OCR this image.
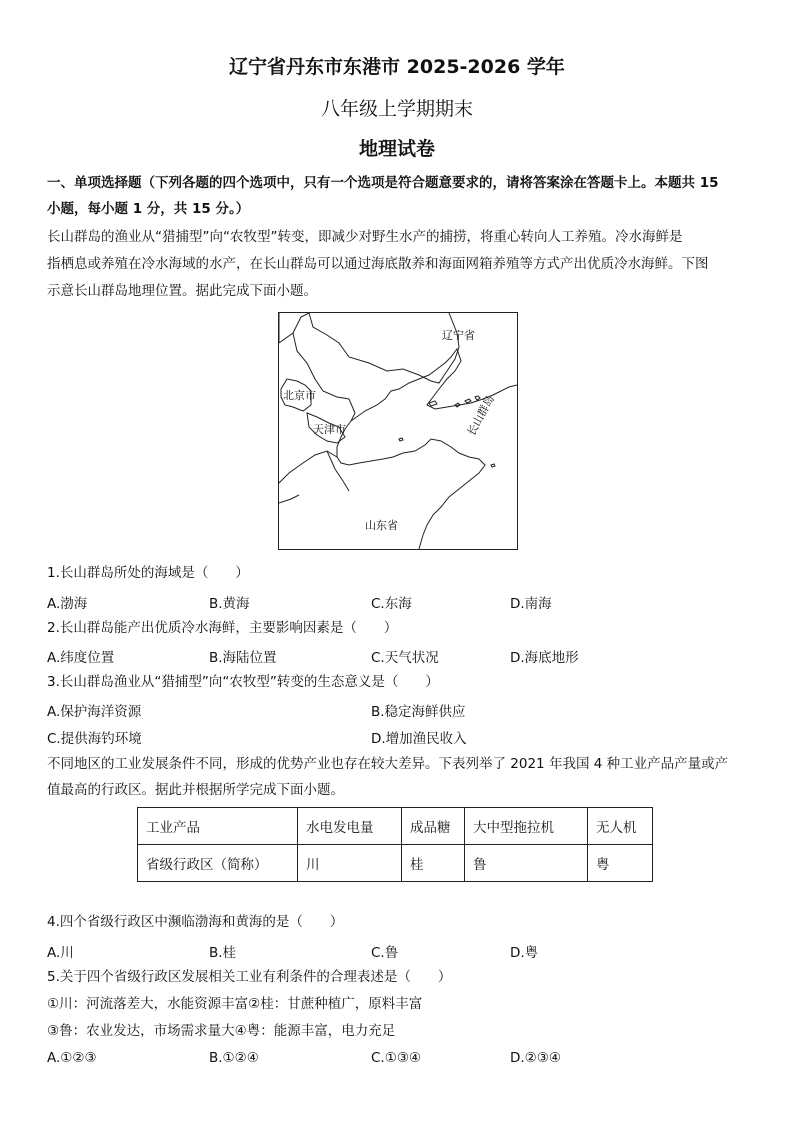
辽宁省丹东市东港市 2025-2026 学年
八年级上学期期末
地理试卷
一、单项选择题（下列各题的四个选项中，只有一个选项是符合题意要求的，请将答案涂在答题卡上。本题共 15
小题，每小题 1 分，共 15 分。）
长山群岛的渔业从“猎捕型”向“农牧型”转变，即减少对野生水产的捕捞，将重心转向人工养殖。冷水海鲜是
指栖息或养殖在冷水海域的水产，在长山群岛可以通过海底散养和海面网箱养殖等方式产出优质冷水海鲜。下图
示意长山群岛地理位置。据此完成下面小题。
辽宁省
北京市
天津市	长山群岛
山东省
1.长山群岛所处的海域是（　　）
A.渤海	B.黄海	C.东海	D.南海
2.长山群岛能产出优质冷水海鲜，主要影响因素是（　　）
A.纬度位置	B.海陆位置	C.天气状况	D.海底地形
3.长山群岛渔业从“猎捕型”向“农牧型”转变的生态意义是（　　）
A.保护海洋资源	B.稳定海鲜供应
C.提供海钓环境	D.增加渔民收入
不同地区的工业发展条件不同，形成的优势产业也存在较大差异。下表列举了 2021 年我国 4 种工业产品产量或产
值最高的行政区。据此并根据所学完成下面小题。
工业产品	水电发电量	成品糖	大中型拖拉机	无人机
省级行政区（简称）	川	桂	鲁	粤
4.四个省级行政区中濒临渤海和黄海的是（　　）
A.川	B.桂	C.鲁	D.粤
5.关于四个省级行政区发展相关工业有利条件的合理表述是（　　）
①川：河流落差大，水能资源丰富②桂：甘蔗种植广，原料丰富
③鲁：农业发达，市场需求量大④粤：能源丰富，电力充足
A.①②③	B.①②④	C.①③④	D.②③④
